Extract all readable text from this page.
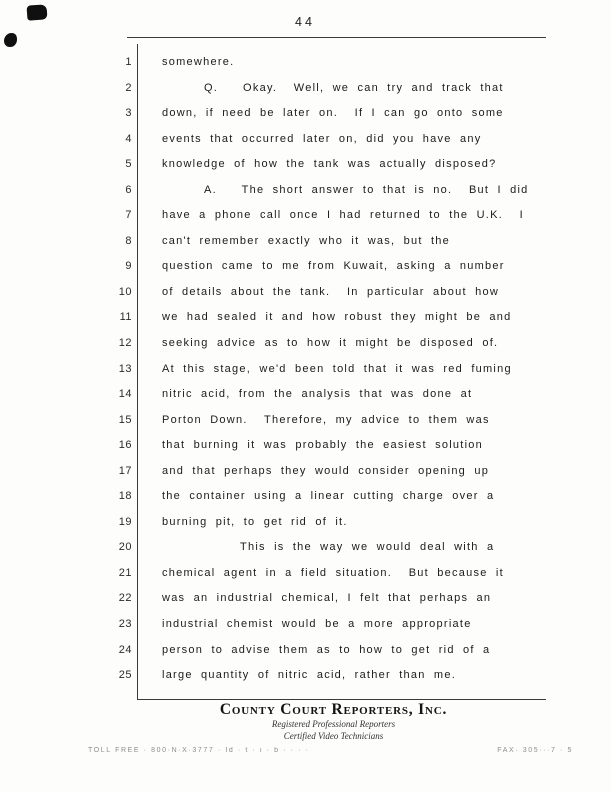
44
1	somewhere.
2	Q.   Okay.  Well, we can try and track that
3	down, if need be later on.  If I can go onto some
4	events that occurred later on, did you have any
5	knowledge of how the tank was actually disposed?
6	A.   The short answer to that is no.  But I did
7	have a phone call once I had returned to the U.K.  I
8	can't remember exactly who it was, but the
9	question came to me from Kuwait, asking a number
10	of details about the tank.  In particular about how
11	we had sealed it and how robust they might be and
12	seeking advice as to how it might be disposed of.
13	At this stage, we'd been told that it was red fuming
14	nitric acid, from the analysis that was done at
15	Porton Down.  Therefore, my advice to them was
16	that burning it was probably the easiest solution
17	and that perhaps they would consider opening up
18	the container using a linear cutting charge over a
19	burning pit, to get rid of it.
20	This is the way we would deal with a
21	chemical agent in a field situation.  But because it
22	was an industrial chemical, I felt that perhaps an
23	industrial chemist would be a more appropriate
24	person to advise them as to how to get rid of a
25	large quantity of nitric acid, rather than me.
County Court Reporters, Inc.
Registered Professional Reporters
Certified Video Technicians
TOLL FREE · 800·N·X·3777 · Id · t · i · b · · · ·	FAX· 305···7 · 5
